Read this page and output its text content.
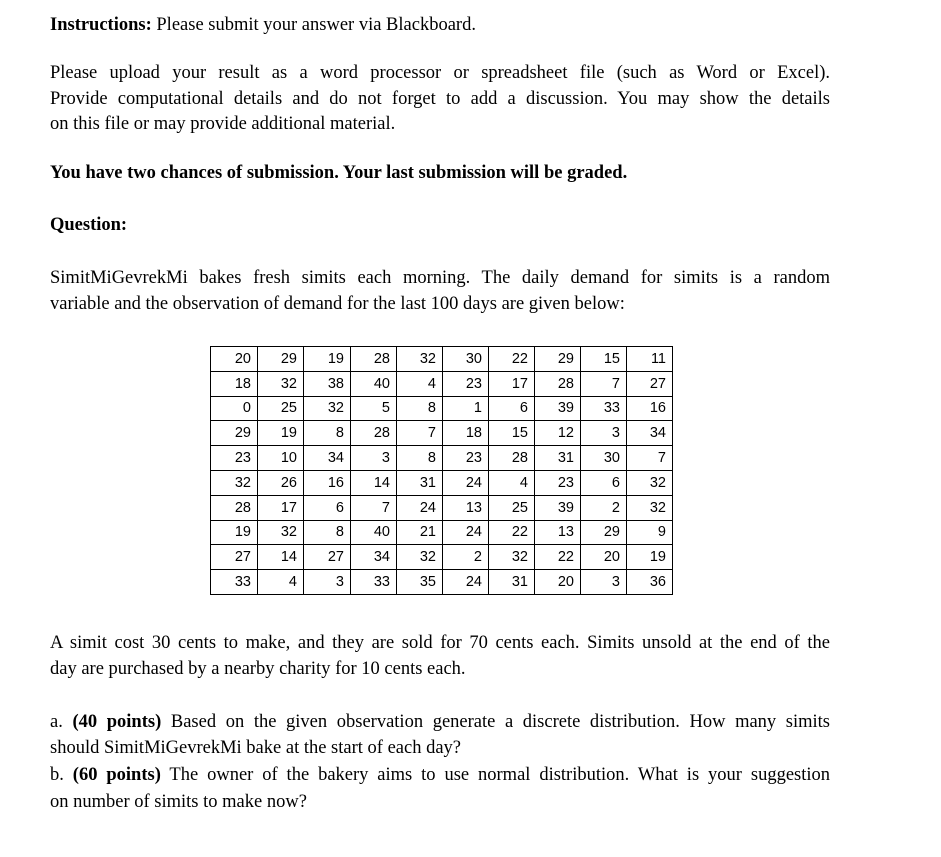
Instructions: Please submit your answer via Blackboard.
Please upload your result as a word processor or spreadsheet file (such as Word or Excel).
Provide computational details and do not forget to add a discussion. You may show the details
on this file or may provide additional material.
You have two chances of submission. Your last submission will be graded.
Question:
SimitMiGevrekMi bakes fresh simits each morning. The daily demand for simits is a random
variable and the observation of demand for the last 100 days are given below:
20	29	19	28	32	30	22	29	15	11
18	32	38	40	4	23	17	28	7	27
0	25	32	5	8	1	6	39	33	16
29	19	8	28	7	18	15	12	3	34
23	10	34	3	8	23	28	31	30	7
32	26	16	14	31	24	4	23	6	32
28	17	6	7	24	13	25	39	2	32
19	32	8	40	21	24	22	13	29	9
27	14	27	34	32	2	32	22	20	19
33	4	3	33	35	24	31	20	3	36
A simit cost 30 cents to make, and they are sold for 70 cents each. Simits unsold at the end of the
day are purchased by a nearby charity for 10 cents each.
a. (40 points) Based on the given observation generate a discrete distribution. How many simits
should SimitMiGevrekMi bake at the start of each day?
b. (60 points) The owner of the bakery aims to use normal distribution. What is your suggestion
on number of simits to make now?
